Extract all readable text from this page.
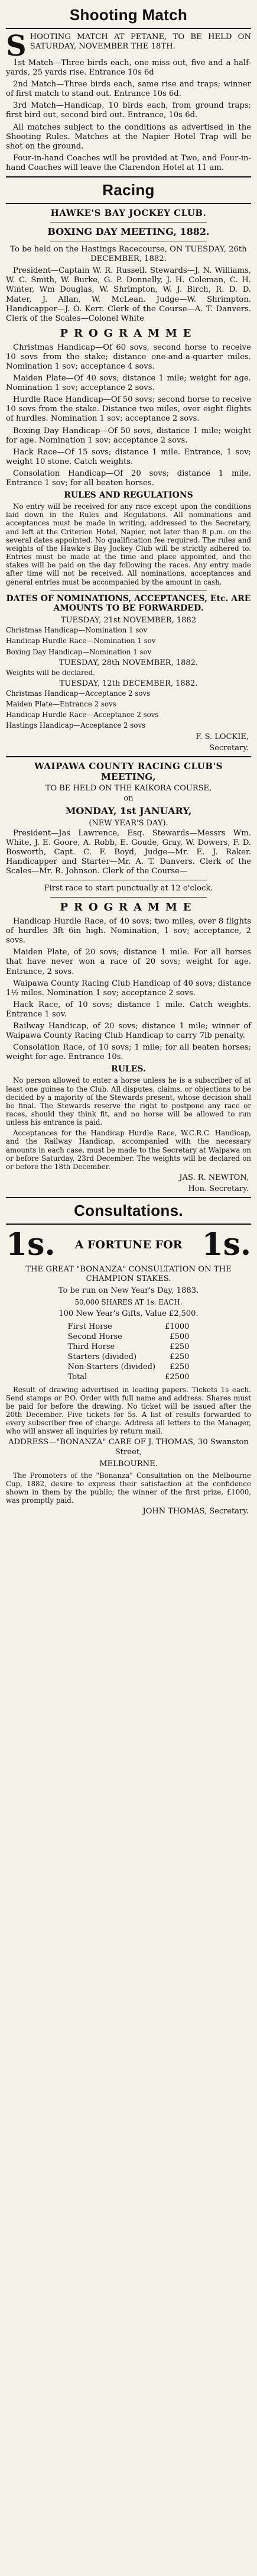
Shooting Match

SHOOTING MATCH AT PETANE, TO BE HELD ON SATURDAY, NOVEMBER THE 18TH.

1st Match—Three birds each, one miss out, five and a half-yards, 25 yards rise. Entrance 10s 6d

2nd Match—Three birds each, same rise and traps; winner of first match to stand out. Entrance 10s 6d.

3rd Match—Handicap, 10 birds each, from ground traps; first bird out, second bird out. Entrance, 10s 6d.

All matches subject to the conditions as advertised in the Shooting Rules. Matches at the Napier Hotel Trap will be shot on the ground.

Four-in-hand Coaches will be provided at Two, and Four-in-hand Coaches will leave the Clarendon Hotel at 11 am.

Racing
HAWKE'S BAY JOCKEY CLUB.
BOXING DAY MEETING, 1882.

To be held on the Hastings Racecourse, ON TUESDAY, 26th DECEMBER, 1882.

President—Captain W. R. Russell. Stewards—J. N. Williams, W. C. Smith, W. Burke, G. P. Donnelly, J. H. Coleman, C. H. Winter, Wm Douglas, W. Shrimpton, W. J. Birch, R. D. D. Mater, J. Allan, W. McLean. Judge—W. Shrimpton. Handicapper—J. O. Kerr. Clerk of the Course—A. T. Danvers. Clerk of the Scales—Colonel White

PROGRAMME

Christmas Handicap—Of 60 sovs, second horse to receive 10 sovs from the stake; distance one-and-a-quarter miles. Nomination 1 sov; acceptance 4 sovs.

Maiden Plate—Of 40 sovs; distance 1 mile; weight for age. Nomination 1 sov; acceptance 2 sovs.

Hurdle Race Handicap—Of 50 sovs; second horse to receive 10 sovs from the stake. Distance two miles, over eight flights of hurdles. Nomination 1 sov; acceptance 2 sovs.

Boxing Day Handicap—Of 50 sovs, distance 1 mile; weight for age. Nomination 1 sov; acceptance 2 sovs.

Hack Race—Of 15 sovs; distance 1 mile. Entrance, 1 sov; weight 10 stone. Catch weights.

Consolation Handicap—Of 20 sovs; distance 1 mile. Entrance 1 sov; for all beaten horses.

RULES AND REGULATIONS

No entry will be received for any race except upon the conditions laid down in the Rules and Regulations. All nominations and acceptances must be made in writing, addressed to the Secretary, and left at the Criterion Hotel, Napier, not later than 8 p.m. on the several dates appointed. No qualification fee required. The rules and weights of the Hawke's Bay Jockey Club will be strictly adhered to. Entries must be made at the time and place appointed, and the stakes will be paid on the day following the races. Any entry made after time will not be received. All nominations, acceptances and general entries must be accompanied by the amount in cash.

DATES OF NOMINATIONS, ACCEPTANCES, Etc. ARE AMOUNTS TO BE FORWARDED.
TUESDAY, 21st NOVEMBER, 1882

Christmas Handicap—Nomination 1 sov

Handicap Hurdle Race—Nomination 1 sov

Boxing Day Handicap—Nomination 1 sov

TUESDAY, 28th NOVEMBER, 1882.

Weights will be declared.

TUESDAY, 12th DECEMBER, 1882.

Christmas Handicap—Acceptance 2 sovs

Maiden Plate—Entrance 2 sovs

Handicap Hurdle Race—Acceptance 2 sovs

Hastings Handicap—Acceptance 2 sovs

F. S. LOCKIE,
Secretary.
WAIPAWA COUNTY RACING CLUB'S MEETING,
TO BE HELD ON THE KAIKORA COURSE,
on
MONDAY, 1st JANUARY,
(NEW YEAR'S DAY).

President—Jas Lawrence, Esq. Stewards—Messrs Wm. White, J. E. Goore, A. Robb, E. Goude, Gray, W. Dowers, F. D. Bosworth, Capt. C. F. Boyd, Judge—Mr. E. J. Raker. Handicapper and Starter—Mr. A. T. Danvers. Clerk of the Scales—Mr. R. Johnson. Clerk of the Course—

First race to start punctually at 12 o'clock.

PROGRAMME

Handicap Hurdle Race, of 40 sovs; two miles, over 8 flights of hurdles 3ft 6in high. Nomination, 1 sov; acceptance, 2 sovs.

Maiden Plate, of 20 sovs; distance 1 mile. For all horses that have never won a race of 20 sovs; weight for age. Entrance, 2 sovs.

Waipawa County Racing Club Handicap of 40 sovs; distance 1½ miles. Nomination 1 sov; acceptance 2 sovs.

Hack Race, of 10 sovs; distance 1 mile. Catch weights. Entrance 1 sov.

Railway Handicap, of 20 sovs; distance 1 mile; winner of Waipawa County Racing Club Handicap to carry 7lb penalty.

Consolation Race, of 10 sovs; 1 mile; for all beaten horses; weight for age. Entrance 10s.

RULES.

No person allowed to enter a horse unless he is a subscriber of at least one guinea to the Club. All disputes, claims, or objections to be decided by a majority of the Stewards present, whose decision shall be final. The Stewards reserve the right to postpone any race or races, should they think fit, and no horse will be allowed to run unless his entrance is paid.

Acceptances for the Handicap Hurdle Race, W.C.R.C. Handicap, and the Railway Handicap, accompanied with the necessary amounts in each case, must be made to the Secretary at Waipawa on or before Saturday, 23rd December. The weights will be declared on or before the 18th December.

JAS. R. NEWTON,
Hon. Secretary.
Consultations.
1s.	A FORTUNE FOR 1s.

THE GREAT "BONANZA" CONSULTATION ON THE CHAMPION STAKES.

To be run on New Year's Day, 1883.

50,000 SHARES AT 1s. EACH.

100 New Year's Gifts, Value £2,500.
First Horse	£1000
Second Horse	£500
Third Horse	£250
Starters (divided)	£250
Non-Starters (divided)	£250
Total	£2500

Result of drawing advertised in leading papers. Tickets 1s each. Send stamps or P.O. Order with full name and address. Shares must be paid for before the drawing. No ticket will be issued after the 20th December. Five tickets for 5s. A list of results forwarded to every subscriber free of charge. Address all letters to the Manager, who will answer all inquiries by return mail.

ADDRESS—"BONANZA" CARE OF J. THOMAS, 30 Swanston Street,

MELBOURNE.

The Promoters of the "Bonanza" Consultation on the Melbourne Cup, 1882, desire to express their satisfaction at the confidence shown in them by the public; the winner of the first prize, £1000, was promptly paid.

JOHN THOMAS, Secretary.
